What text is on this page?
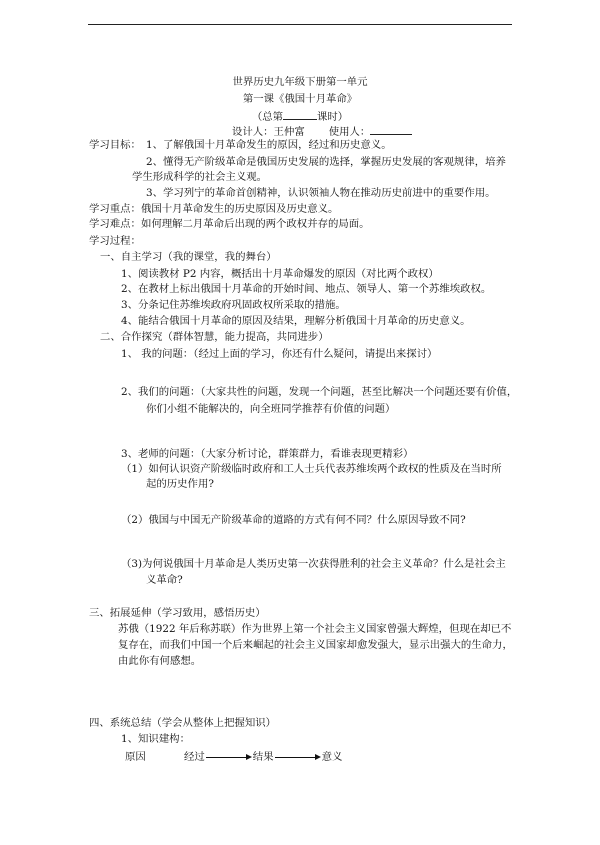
世界历史九年级下册第一单元
第一课《俄国十月革命》
（总第	课时）
设计人：王仲富 使用人：
学习目标： 1、了解俄国十月革命发生的原因，经过和历史意义。
2、懂得无产阶级革命是俄国历史发展的选择，掌握历史发展的客观规律，培养
学生形成科学的社会主义观。
3、学习列宁的革命首创精神，认识领袖人物在推动历史前进中的重要作用。
学习重点：俄国十月革命发生的历史原因及历史意义。
学习难点：如何理解二月革命后出现的两个政权并存的局面。
学习过程：
一、自主学习（我的课堂，我的舞台）
1、阅读教材 P2 内容，概括出十月革命爆发的原因（对比两个政权）
2、在教材上标出俄国十月革命的开始时间、地点、领导人、第一个苏维埃政权。
3、分条记住苏维埃政府巩固政权所采取的措施。
4、能结合俄国十月革命的原因及结果，理解分析俄国十月革命的历史意义。
二、合作探究（群体智慧，能力提高，共同进步）
1、 我的问题：（经过上面的学习，你还有什么疑问，请提出来探讨）
2、我们的问题：（大家共性的问题，发现一个问题，甚至比解决一个问题还要有价值，
你们小组不能解决的，向全班同学推荐有价值的问题）
3、老师的问题：（大家分析讨论，群策群力，看谁表现更精彩）
（1）如何认识资产阶级临时政府和工人士兵代表苏维埃两个政权的性质及在当时所
起的历史作用?
（2）俄国与中国无产阶级革命的道路的方式有何不同？什么原因导致不同?
（3)为何说俄国十月革命是人类历史第一次获得胜利的社会主义革命？什么是社会主
义革命?
三、拓展延伸（学习致用，感悟历史）
苏俄（1922 年后称苏联）作为世界上第一个社会主义国家曾强大辉煌，但现在却已不
复存在，而我们中国一个后来崛起的社会主义国家却愈发强大，显示出强大的生命力，
由此你有何感想。
四、系统总结（学会从整体上把握知识）
1、知识建构：
原因	经过	结果	意义
